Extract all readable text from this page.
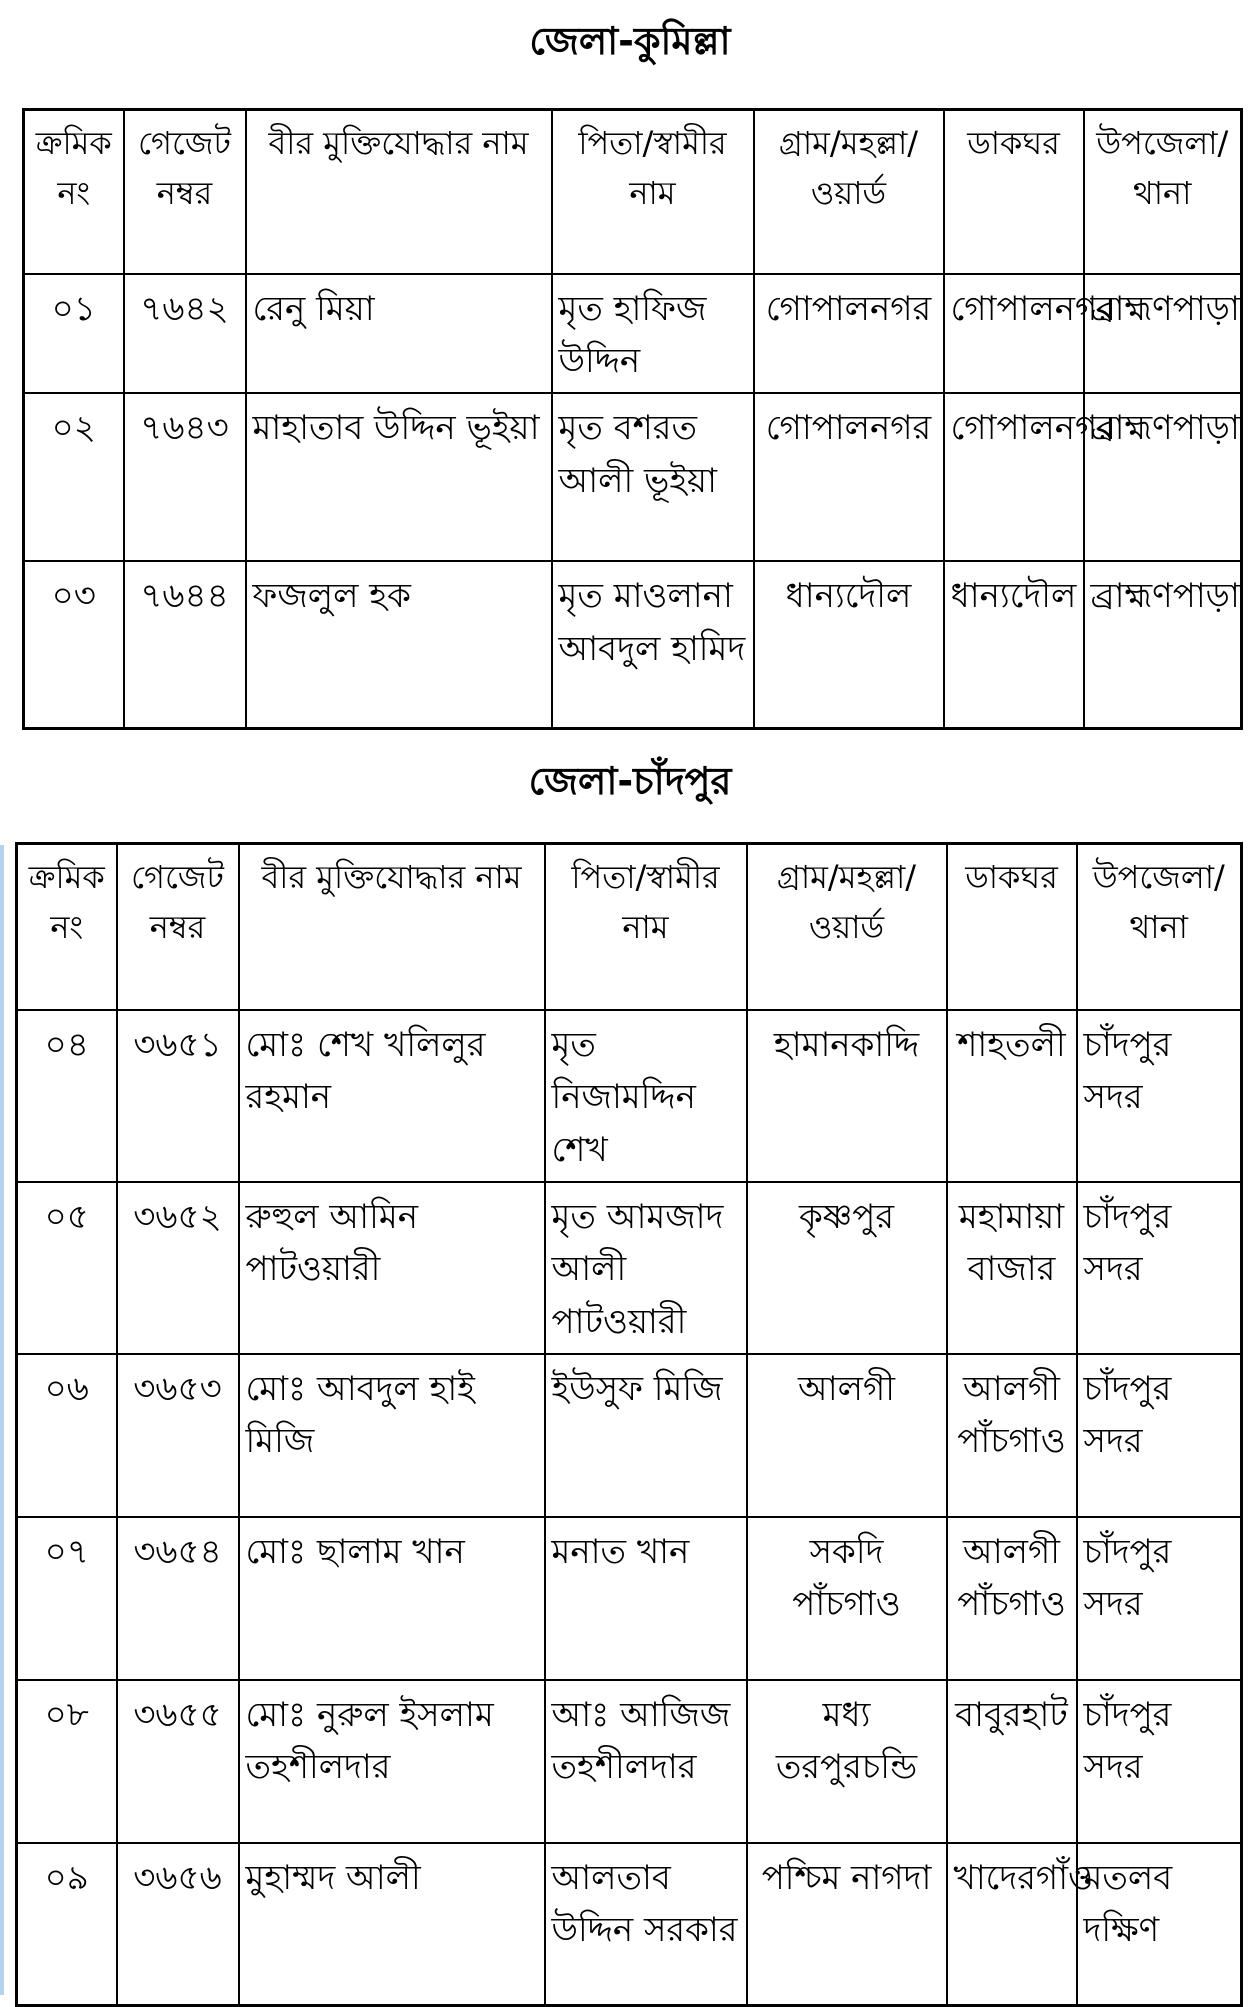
জেলা-কুমিল্লা
ক্রমিক নং	গেজেট নম্বর	বীর মুক্তিযোদ্ধার নাম	পিতা/স্বামীর নাম	গ্রাম/মহল্লা/ওয়ার্ড	ডাকঘর	উপজেলা/থানা
০১	৭৬৪২	রেনু মিয়া	মৃত হাফিজ উদ্দিন	গোপালনগর	গোপালনগর	ব্রাহ্মণপাড়া
০২	৭৬৪৩	মাহাতাব উদ্দিন ভূইয়া	মৃত বশরত আলী ভূইয়া	গোপালনগর	গোপালনগর	ব্রাহ্মণপাড়া
০৩	৭৬৪৪	ফজলুল হক	মৃত মাওলানা আবদুল হামিদ	ধান্যদৌল	ধান্যদৌল	ব্রাহ্মণপাড়া
জেলা-চাঁদপুর
ক্রমিক নং	গেজেট নম্বর	বীর মুক্তিযোদ্ধার নাম	পিতা/স্বামীর নাম	গ্রাম/মহল্লা/ওয়ার্ড	ডাকঘর	উপজেলা/থানা
০৪	৩৬৫১	মোঃ শেখ খলিলুর রহমান	মৃত নিজামদ্দিন শেখ	হামানকাদ্দি	শাহতলী	চাঁদপুর সদর
০৫	৩৬৫২	রুহুল আমিন পাটওয়ারী	মৃত আমজাদ আলী পাটওয়ারী	কৃষ্ণপুর	মহামায়া বাজার	চাঁদপুর সদর
০৬	৩৬৫৩	মোঃ আবদুল হাই মিজি	ইউসুফ মিজি	আলগী	আলগী পাঁচগাও	চাঁদপুর সদর
০৭	৩৬৫৪	মোঃ ছালাম খান	মনাত খান	সকদি পাঁচগাও	আলগী পাঁচগাও	চাঁদপুর সদর
০৮	৩৬৫৫	মোঃ নুরুল ইসলাম তহশীলদার	আঃ আজিজ তহশীলদার	মধ্য তরপুরচন্ডি	বাবুরহাট	চাঁদপুর সদর
০৯	৩৬৫৬	মুহাম্মদ আলী	আলতাব উদ্দিন সরকার	পশ্চিম নাগদা	খাদেরগাঁও	মতলব দক্ষিণ
